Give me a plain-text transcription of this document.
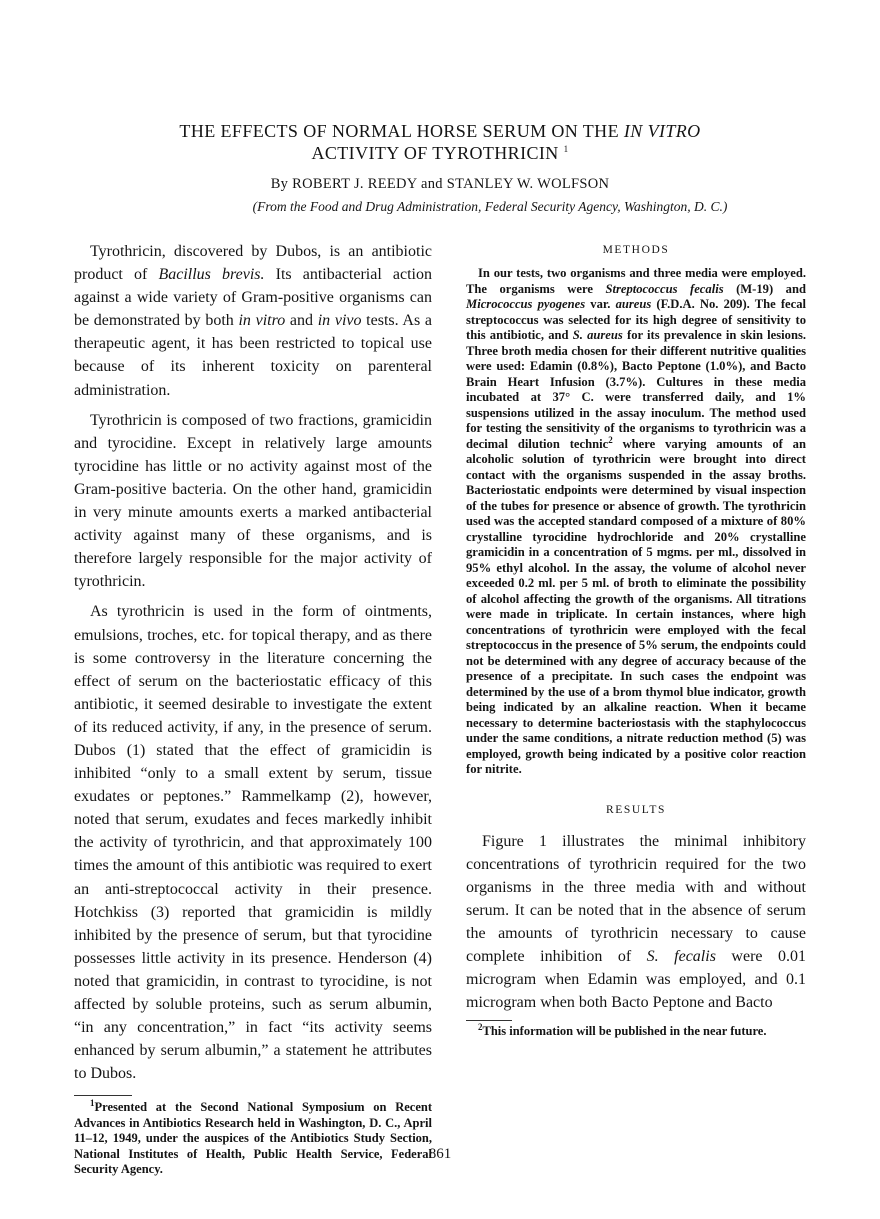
THE EFFECTS OF NORMAL HORSE SERUM ON THE IN VITRO
ACTIVITY OF TYROTHRICIN $^1$
By ROBERT J. REEDY and STANLEY W. WOLFSON
(From the Food and Drug Administration, Federal Security Agency, Washington, D. C.)

Tyrothricin, discovered by Dubos, is an antibiotic product of Bacillus brevis. Its antibacterial action against a wide variety of Gram-positive organisms can be demonstrated by both in vitro and in vivo tests. As a therapeutic agent, it has been restricted to topical use because of its inherent toxicity on parenteral administration.

Tyrothricin is composed of two fractions, gramicidin and tyrocidine. Except in relatively large amounts tyrocidine has little or no activity against most of the Gram-positive bacteria. On the other hand, gramicidin in very minute amounts exerts a marked antibacterial activity against many of these organisms, and is therefore largely responsible for the major activity of tyrothricin.

As tyrothricin is used in the form of ointments, emulsions, troches, etc. for topical therapy, and as there is some controversy in the literature concerning the effect of serum on the bacteriostatic efficacy of this antibiotic, it seemed desirable to investigate the extent of its reduced activity, if any, in the presence of serum. Dubos (1) stated that the effect of gramicidin is inhibited “only to a small extent by serum, tissue exudates or peptones.” Rammelkamp (2), however, noted that serum, exudates and feces markedly inhibit the activity of tyrothricin, and that approximately 100 times the amount of this antibiotic was required to exert an anti-streptococcal activity in their presence. Hotchkiss (3) reported that gramicidin is mildly inhibited by the presence of serum, but that tyrocidine possesses little activity in its presence. Henderson (4) noted that gramicidin, in contrast to tyrocidine, is not affected by soluble proteins, such as serum albumin, “in any concentration,” in fact “its activity seems enhanced by serum albumin,” a statement he attributes to Dubos.

$^1$Presented at the Second National Symposium on Recent Advances in Antibiotics Research held in Washington, D. C., April 11–12, 1949, under the auspices of the Antibiotics Study Section, National Institutes of Health, Public Health Service, Federal Security Agency.

METHODS

In our tests, two organisms and three media were employed. The organisms were Streptococcus fecalis (M-19) and Micrococcus pyogenes var. aureus (F.D.A. No. 209). The fecal streptococcus was selected for its high degree of sensitivity to this antibiotic, and S. aureus for its prevalence in skin lesions. Three broth media chosen for their different nutritive qualities were used: Edamin (0.8%), Bacto Peptone (1.0%), and Bacto Brain Heart Infusion (3.7%). Cultures in these media incubated at 37° C. were transferred daily, and 1% suspensions utilized in the assay inoculum. The method used for testing the sensitivity of the organisms to tyrothricin was a decimal dilution technic$^2$ where varying amounts of an alcoholic solution of tyrothricin were brought into direct contact with the organisms suspended in the assay broths. Bacteriostatic endpoints were determined by visual inspection of the tubes for presence or absence of growth. The tyrothricin used was the accepted standard composed of a mixture of 80% crystalline tyrocidine hydrochloride and 20% crystalline gramicidin in a concentration of 5 mgms. per ml., dissolved in 95% ethyl alcohol. In the assay, the volume of alcohol never exceeded 0.2 ml. per 5 ml. of broth to eliminate the possibility of alcohol affecting the growth of the organisms. All titrations were made in triplicate. In certain instances, where high concentrations of tyrothricin were employed with the fecal streptococcus in the presence of 5% serum, the endpoints could not be determined with any degree of accuracy because of the presence of a precipitate. In such cases the endpoint was determined by the use of a brom thymol blue indicator, growth being indicated by an alkaline reaction. When it became necessary to determine bacteriostasis with the staphylococcus under the same conditions, a nitrate reduction method (5) was employed, growth being indicated by a positive color reaction for nitrite.

RESULTS

Figure 1 illustrates the minimal inhibitory concentrations of tyrothricin required for the two organisms in the three media with and without serum. It can be noted that in the absence of serum the amounts of tyrothricin necessary to cause complete inhibition of S. fecalis were 0.01 microgram when Edamin was employed, and 0.1 microgram when both Bacto Peptone and Bacto

$^2$This information will be published in the near future.

861
